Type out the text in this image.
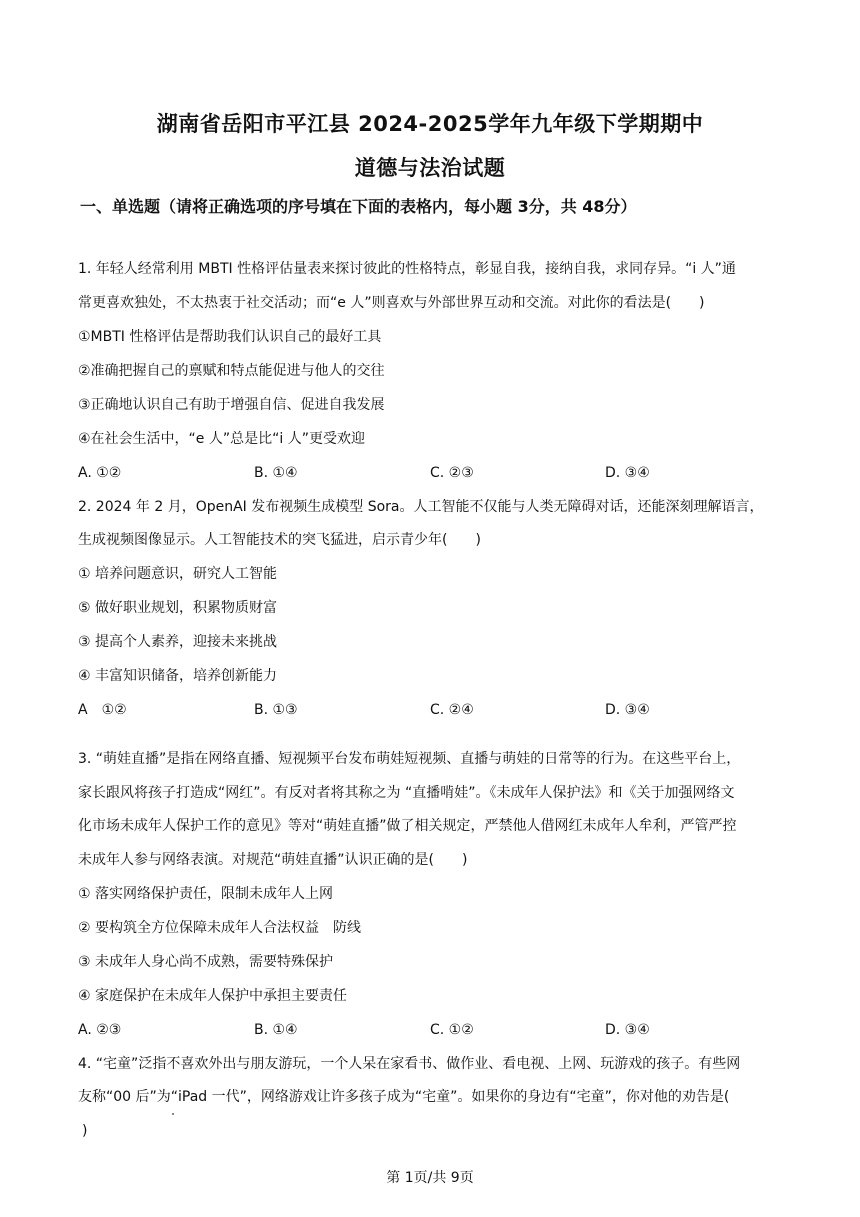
湖南省岳阳市平江县 2024-2025学年九年级下学期期中
道德与法治试题
一、单选题（请将正确选项的序号填在下面的表格内，每小题 3分，共 48分）
1. 年轻人经常利用 MBTI 性格评估量表来探讨彼此的性格特点，彰显自我，接纳自我，求同存异。“i 人”通
常更喜欢独处，不太热衷于社交活动；而“e 人”则喜欢与外部世界互动和交流。对此你的看法是(　　)
①MBTI 性格评估是帮助我们认识自己的最好工具
②准确把握自己的禀赋和特点能促进与他人的交往
③正确地认识自己有助于增强自信、促进自我发展
④在社会生活中，“e 人”总是比“i 人”更受欢迎
A. ①②	B. ①④	C. ②③	D. ③④
2. 2024 年 2 月，OpenAI 发布视频生成模型 Sora。人工智能不仅能与人类无障碍对话，还能深刻理解语言，
生成视频图像显示。人工智能技术的突飞猛进，启示青少年(　　)
① 培养问题意识，研究人工智能
⑤ 做好职业规划，积累物质财富
③ 提高个人素养，迎接未来挑战
④ 丰富知识储备，培养创新能力
A　①②	B. ①③	C. ②④	D. ③④
3. “萌娃直播”是指在网络直播、短视频平台发布萌娃短视频、直播与萌娃的日常等的行为。在这些平台上，
家长跟风将孩子打造成“网红”。有反对者将其称之为 “直播啃娃”。《未成年人保护法》和《关于加强网络文
化市场未成年人保护工作的意见》等对“萌娃直播”做了相关规定，严禁他人借网红未成年人牟利，严管严控
未成年人参与网络表演。对规范“萌娃直播”认识正确的是(　　)
① 落实网络保护责任，限制未成年人上网
② 要构筑全方位保障未成年人合法权益　防线
③ 未成年人身心尚不成熟，需要特殊保护
④ 家庭保护在未成年人保护中承担主要责任
A. ②③	B. ①④	C. ①②	D. ③④
4. “宅童”泛指不喜欢外出与朋友游玩，一个人呆在家看书、做作业、看电视、上网、玩游戏的孩子。有些网
友称“00 后”为“iPad 一代”，网络游戏让许多孩子成为“宅童”。如果你的身边有“宅童”，你对他的劝告是(
)
第 1页/共 9页
